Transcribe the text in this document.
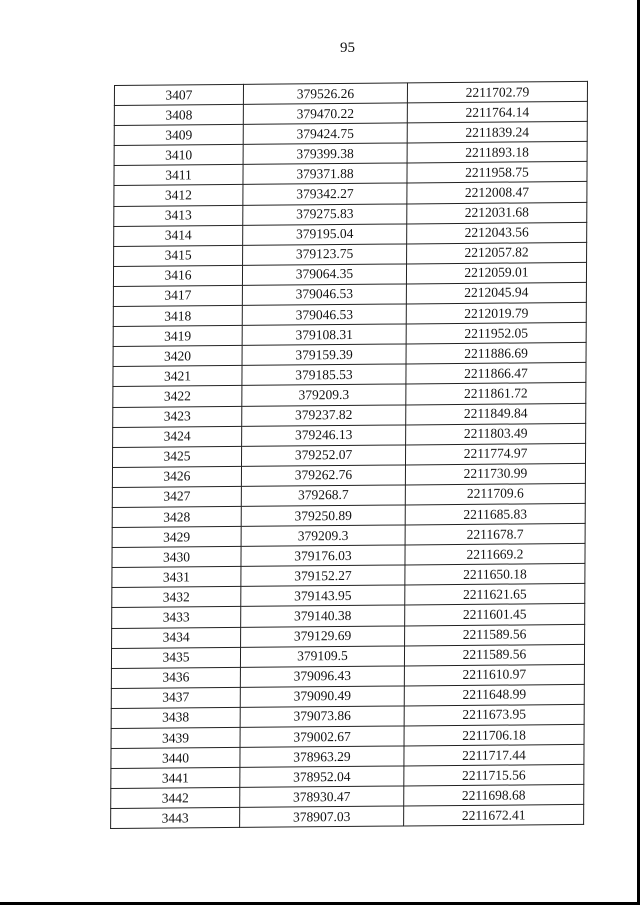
95
3407	379526.26	2211702.79
3408	379470.22	2211764.14
3409	379424.75	2211839.24
3410	379399.38	2211893.18
3411	379371.88	2211958.75
3412	379342.27	2212008.47
3413	379275.83	2212031.68
3414	379195.04	2212043.56
3415	379123.75	2212057.82
3416	379064.35	2212059.01
3417	379046.53	2212045.94
3418	379046.53	2212019.79
3419	379108.31	2211952.05
3420	379159.39	2211886.69
3421	379185.53	2211866.47
3422	379209.3	2211861.72
3423	379237.82	2211849.84
3424	379246.13	2211803.49
3425	379252.07	2211774.97
3426	379262.76	2211730.99
3427	379268.7	2211709.6
3428	379250.89	2211685.83
3429	379209.3	2211678.7
3430	379176.03	2211669.2
3431	379152.27	2211650.18
3432	379143.95	2211621.65
3433	379140.38	2211601.45
3434	379129.69	2211589.56
3435	379109.5	2211589.56
3436	379096.43	2211610.97
3437	379090.49	2211648.99
3438	379073.86	2211673.95
3439	379002.67	2211706.18
3440	378963.29	2211717.44
3441	378952.04	2211715.56
3442	378930.47	2211698.68
3443	378907.03	2211672.41
